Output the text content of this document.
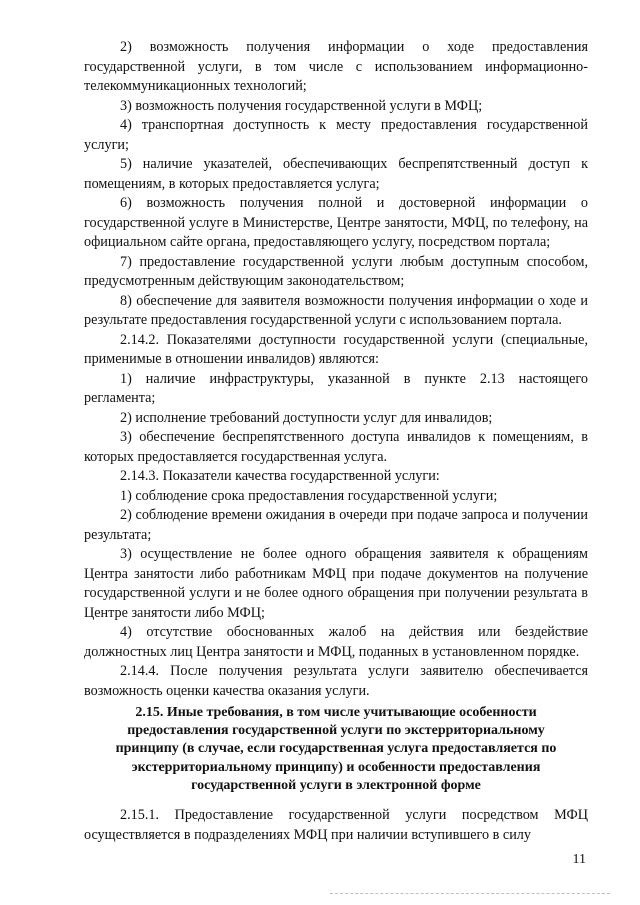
2) возможность получения информации о ходе предоставления государственной услуги, в том числе с использованием информационно-телекоммуникационных технологий;

3) возможность получения государственной услуги в МФЦ;

4) транспортная доступность к месту предоставления государственной услуги;

5) наличие указателей, обеспечивающих беспрепятственный доступ к помещениям, в которых предоставляется услуга;

6) возможность получения полной и достоверной информации о государственной услуге в Министерстве, Центре занятости, МФЦ, по телефону, на официальном сайте органа, предоставляющего услугу, посредством портала;

7) предоставление государственной услуги любым доступным способом, предусмотренным действующим законодательством;

8) обеспечение для заявителя возможности получения информации о ходе и результате предоставления государственной услуги с использованием портала.

2.14.2. Показателями доступности государственной услуги (специальные, применимые в отношении инвалидов) являются:

1) наличие инфраструктуры, указанной в пункте 2.13 настоящего регламента;

2) исполнение требований доступности услуг для инвалидов;

3) обеспечение беспрепятственного доступа инвалидов к помещениям, в которых предоставляется государственная услуга.

2.14.3. Показатели качества государственной услуги:

1) соблюдение срока предоставления государственной услуги;

2) соблюдение времени ожидания в очереди при подаче запроса и получении результата;

3) осуществление не более одного обращения заявителя к обращениям Центра занятости либо работникам МФЦ при подаче документов на получение государственной услуги и не более одного обращения при получении результата в Центре занятости либо МФЦ;

4) отсутствие обоснованных жалоб на действия или бездействие должностных лиц Центра занятости и МФЦ, поданных в установленном порядке.

2.14.4. После получения результата услуги заявителю обеспечивается возможность оценки качества оказания услуги.

2.15. Иные требования, в том числе учитывающие особенности

предоставления государственной услуги по экстерриториальному

принципу (в случае, если государственная услуга предоставляется по

экстерриториальному принципу) и особенности предоставления

государственной услуги в электронной форме

2.15.1. Предоставление государственной услуги посредством МФЦ осуществляется в подразделениях МФЦ при наличии вступившего в силу

11
